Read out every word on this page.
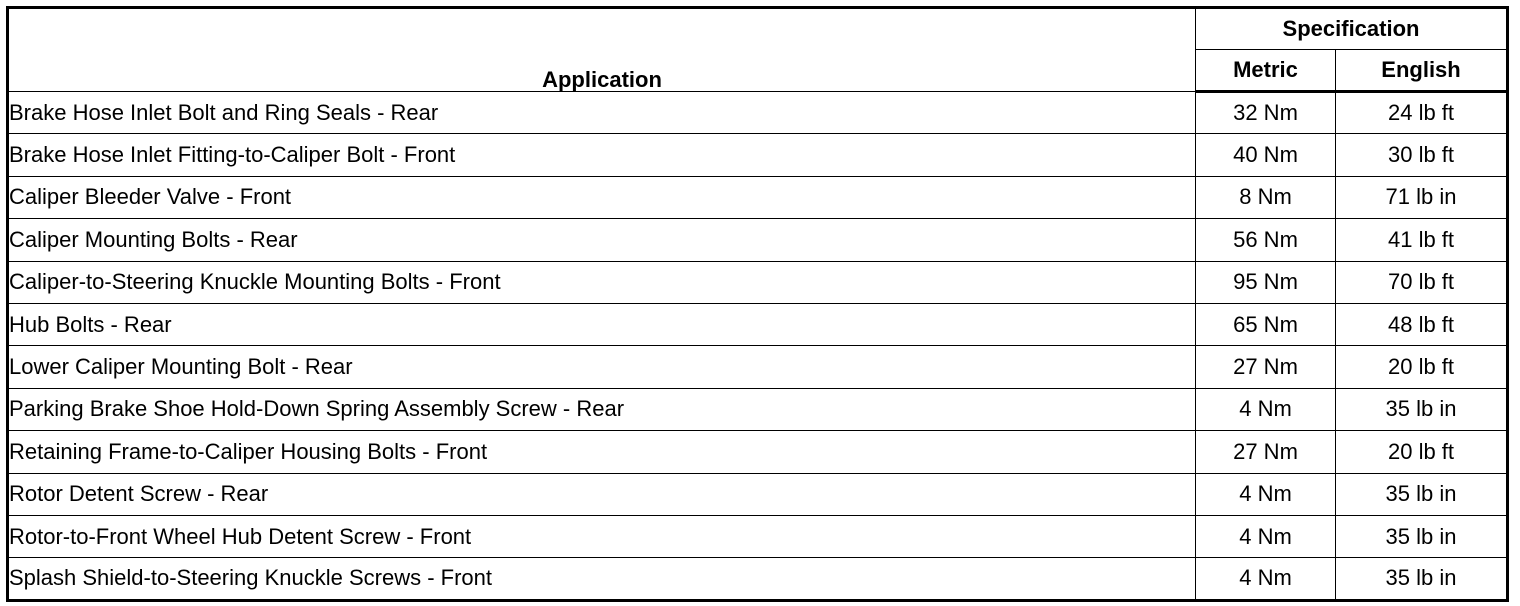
Application	Specification	
	Metric	English
Brake Hose Inlet Bolt and Ring Seals - Rear	32 Nm	24 lb ft
Brake Hose Inlet Fitting-to-Caliper Bolt - Front	40 Nm	30 lb ft
Caliper Bleeder Valve - Front	8 Nm	71 lb in
Caliper Mounting Bolts - Rear	56 Nm	41 lb ft
Caliper-to-Steering Knuckle Mounting Bolts - Front	95 Nm	70 lb ft
Hub Bolts - Rear	65 Nm	48 lb ft
Lower Caliper Mounting Bolt - Rear	27 Nm	20 lb ft
Parking Brake Shoe Hold-Down Spring Assembly Screw - Rear	4 Nm	35 lb in
Retaining Frame-to-Caliper Housing Bolts - Front	27 Nm	20 lb ft
Rotor Detent Screw - Rear	4 Nm	35 lb in
Rotor-to-Front Wheel Hub Detent Screw - Front	4 Nm	35 lb in
Splash Shield-to-Steering Knuckle Screws - Front	4 Nm	35 lb in
